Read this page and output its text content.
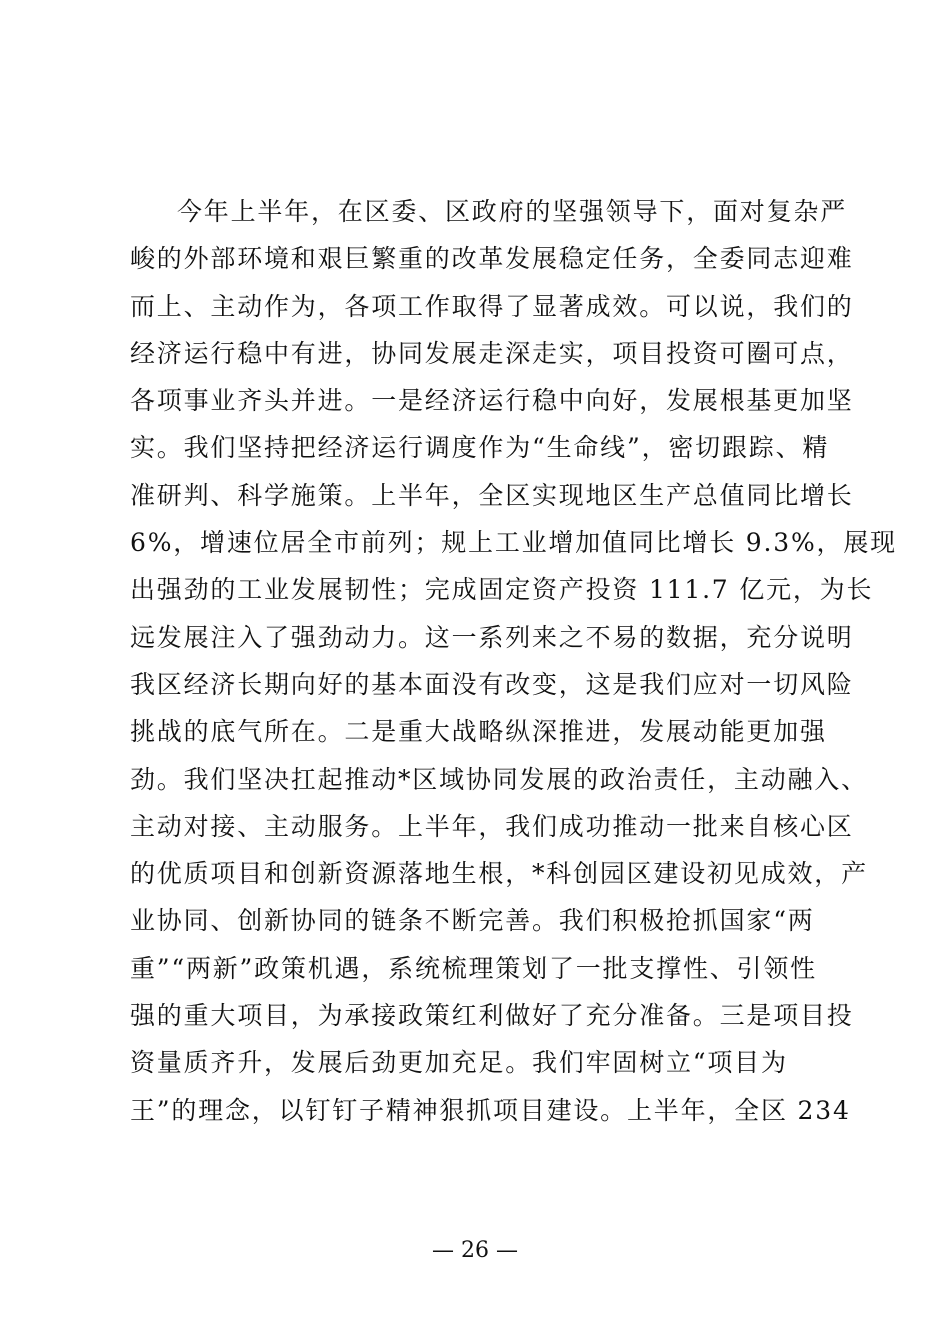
今年上半年，在区委、区政府的坚强领导下，面对复杂严
峻的外部环境和艰巨繁重的改革发展稳定任务，全委同志迎难
而上、主动作为，各项工作取得了显著成效。可以说，我们的
经济运行稳中有进，协同发展走深走实，项目投资可圈可点，
各项事业齐头并进。一是经济运行稳中向好，发展根基更加坚
实。我们坚持把经济运行调度作为“生命线”，密切跟踪、精
准研判、科学施策。上半年，全区实现地区生产总值同比增长
6%，增速位居全市前列；规上工业增加值同比增长 9.3%，展现
出强劲的工业发展韧性；完成固定资产投资 111.7 亿元，为长
远发展注入了强劲动力。这一系列来之不易的数据，充分说明
我区经济长期向好的基本面没有改变，这是我们应对一切风险
挑战的底气所在。二是重大战略纵深推进，发展动能更加强
劲。我们坚决扛起推动*区域协同发展的政治责任，主动融入、
主动对接、主动服务。上半年，我们成功推动一批来自核心区
的优质项目和创新资源落地生根，*科创园区建设初见成效，产
业协同、创新协同的链条不断完善。我们积极抢抓国家“两
重”“两新”政策机遇，系统梳理策划了一批支撑性、引领性
强的重大项目，为承接政策红利做好了充分准备。三是项目投
资量质齐升，发展后劲更加充足。我们牢固树立“项目为
王”的理念，以钉钉子精神狠抓项目建设。上半年，全区 234
— 26 —
